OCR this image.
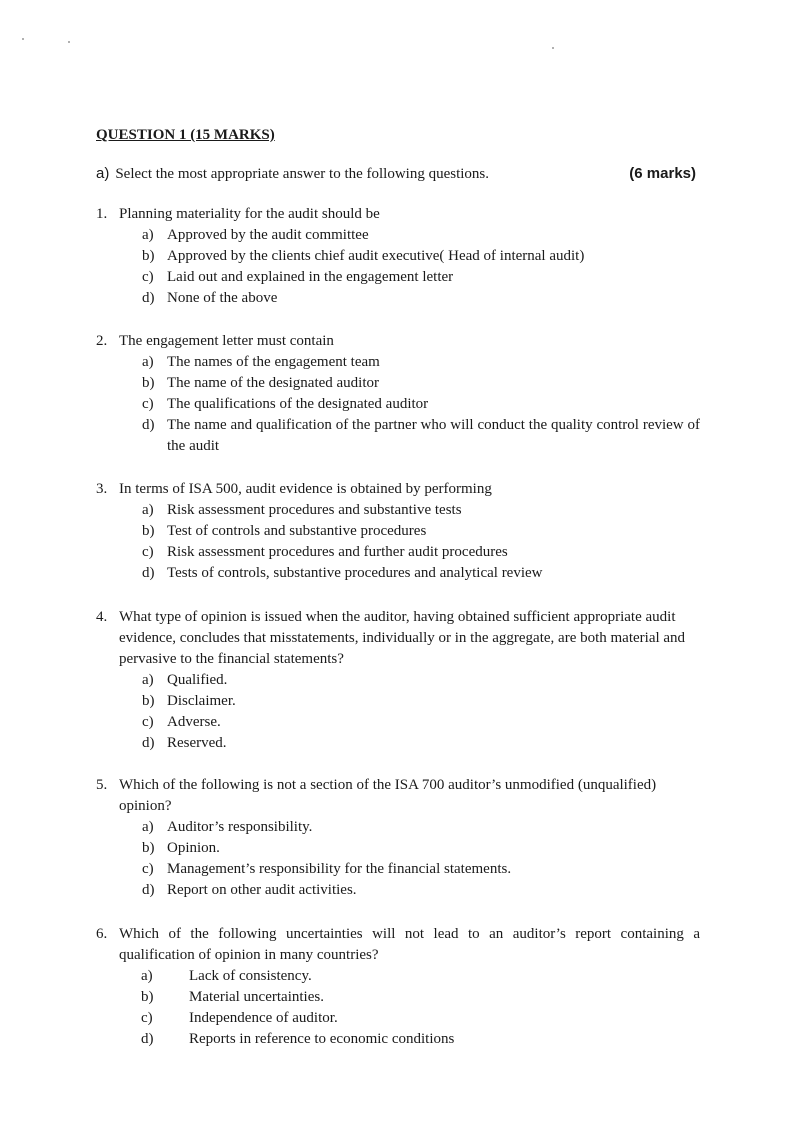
QUESTION 1 (15 MARKS)
a) Select the most appropriate answer to the following questions.	(6 marks)
1. Planning materiality for the audit should be
a) Approved by the audit committee
b) Approved by the clients chief audit executive( Head of internal audit)
c) Laid out and explained in the engagement letter
d) None of the above
2. The engagement letter must contain
a) The names of the engagement team
b) The name of the designated auditor
c) The qualifications of the designated auditor
d) The name and qualification of the partner who will conduct the quality control review of the audit
3. In terms of ISA 500, audit evidence is obtained by performing
a) Risk assessment procedures and substantive tests
b) Test of controls and substantive procedures
c) Risk assessment procedures and further audit procedures
d) Tests of controls, substantive procedures and analytical review
4. What type of opinion is issued when the auditor, having obtained sufficient appropriate audit evidence, concludes that misstatements, individually or in the aggregate, are both material and pervasive to the financial statements?
a) Qualified.
b) Disclaimer.
c) Adverse.
d) Reserved.
5. Which of the following is not a section of the ISA 700 auditor’s unmodified (unqualified) opinion?
a) Auditor’s responsibility.
b) Opinion.
c) Management’s responsibility for the financial statements.
d) Report on other audit activities.
6. Which of the following uncertainties will not lead to an auditor’s report containing a qualification of opinion in many countries?
a)	Lack of consistency.
b)	Material uncertainties.
c)	Independence of auditor.
d)	Reports in reference to economic conditions
